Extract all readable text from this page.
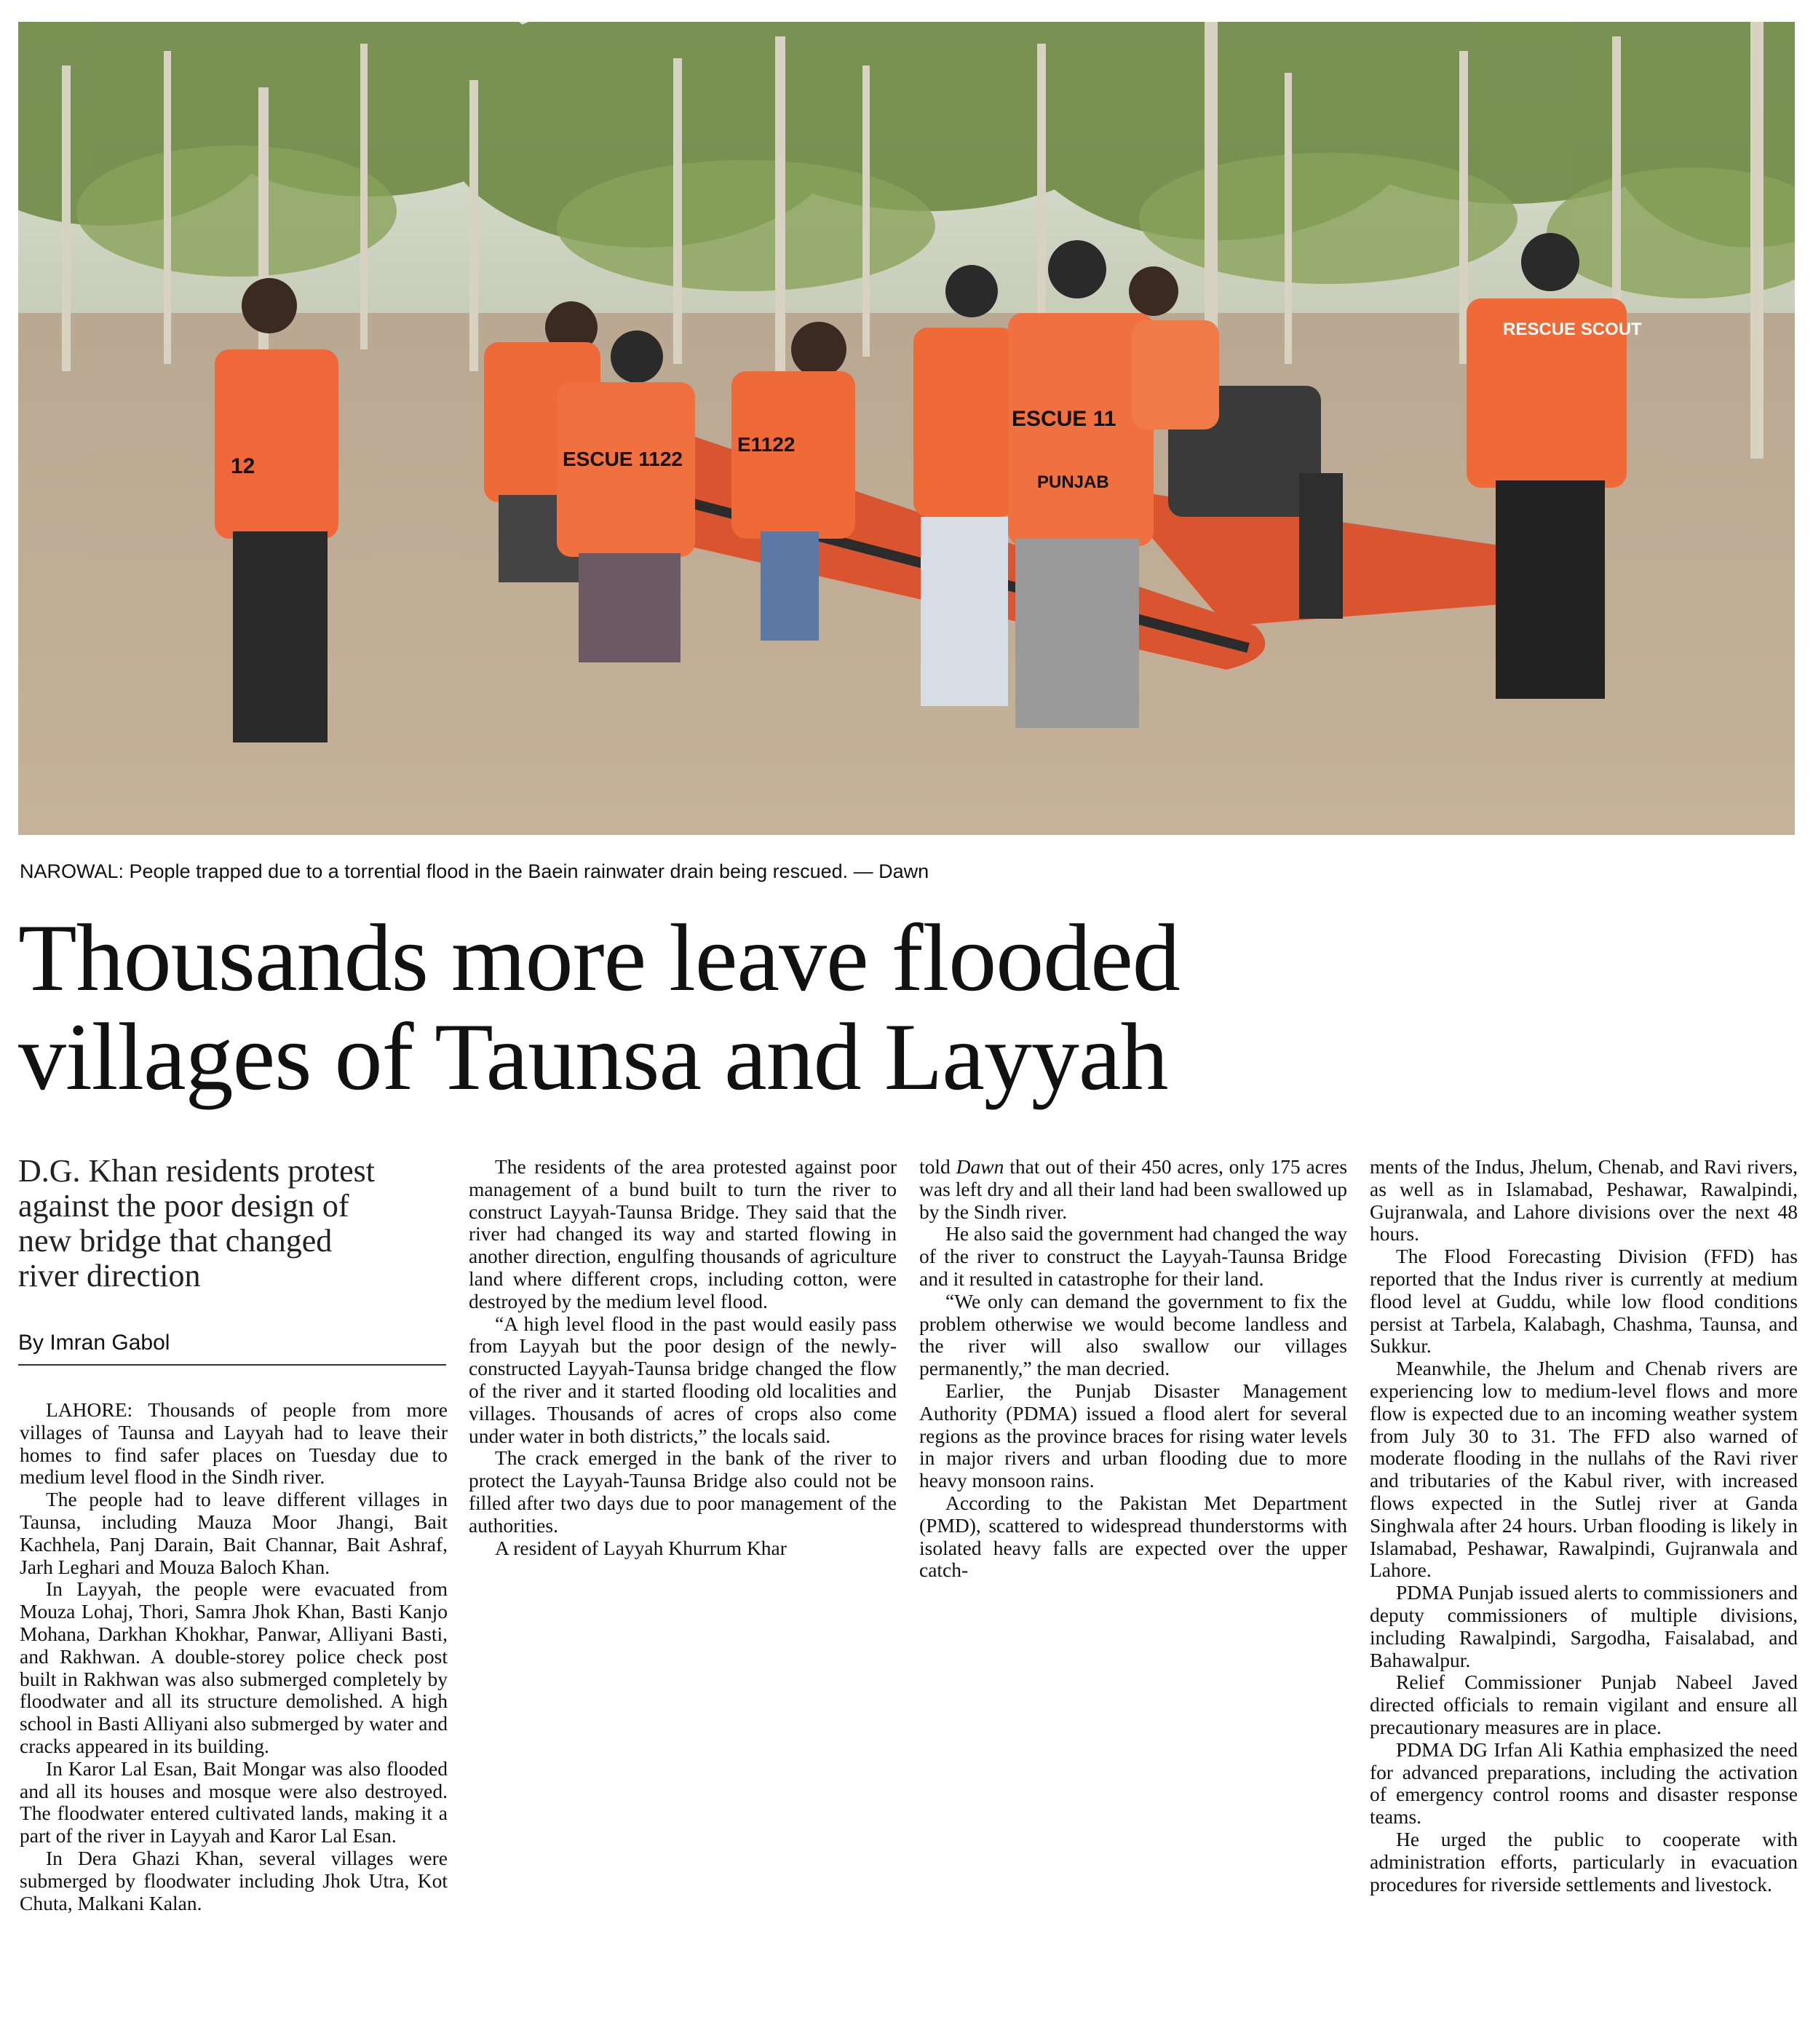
12	ESCUE 1122
E1122
ESCUE 11
PUNJAB
RESCUE SCOUT
NAROWAL: People trapped due to a torrential flood in the Baein rainwater drain being rescued. — Dawn
Thousands more leave flooded
villages of Taunsa and Layyah
D.G. Khan residents protest
against the poor design of
new bridge that changed
river direction
By Imran Gabol

LAHORE: Thousands of people from more villages of Taunsa and Layyah had to leave their homes to find safer places on Tuesday due to medium level flood in the Sindh river.

The people had to leave different villages in Taunsa, including Mauza Moor Jhangi, Bait Kachhela, Panj Darain, Bait Channar, Bait Ashraf, Jarh Leghari and Mouza Baloch Khan.

In Layyah, the people were evacuated from Mouza Lohaj, Thori, Samra Jhok Khan, Basti Kanjo Mohana, Darkhan Khokhar, Panwar, Alliyani Basti, and Rakhwan. A double-storey police check post built in Rakhwan was also submerged completely by floodwater and all its structure demolished. A high school in Basti Alliyani also submerged by water and cracks appeared in its building.

In Karor Lal Esan, Bait Mongar was also flooded and all its houses and mosque were also destroyed. The floodwater entered cultivated lands, making it a part of the river in Layyah and Karor Lal Esan.

In Dera Ghazi Khan, several villages were submerged by floodwater including Jhok Utra, Kot Chuta, Malkani Kalan.

The residents of the area protested against poor management of a bund built to turn the river to construct Layyah-Taunsa Bridge. They said that the river had changed its way and started flowing in another direction, engulfing thousands of agriculture land where different crops, including cotton, were destroyed by the medium level flood.

“A high level flood in the past would easily pass from Layyah but the poor design of the newly-constructed Layyah-Taunsa bridge changed the flow of the river and it started flooding old localities and villages. Thousands of acres of crops also come under water in both districts,” the locals said.

The crack emerged in the bank of the river to protect the Layyah-Taunsa Bridge also could not be filled after two days due to poor management of the authorities.

A resident of Layyah Khurrum Khar

told Dawn that out of their 450 acres, only 175 acres was left dry and all their land had been swallowed up by the Sindh river.

He also said the government had changed the way of the river to construct the Layyah-Taunsa Bridge and it resulted in catastrophe for their land.

“We only can demand the government to fix the problem otherwise we would become landless and the river will also swallow our villages permanently,” the man decried.

Earlier, the Punjab Disaster Management Authority (PDMA) issued a flood alert for several regions as the province braces for rising water levels in major rivers and urban flooding due to more heavy monsoon rains.

According to the Pakistan Met Department (PMD), scattered to widespread thunderstorms with isolated heavy falls are expected over the upper catch-

ments of the Indus, Jhelum, Chenab, and Ravi rivers, as well as in Islamabad, Peshawar, Rawalpindi, Gujranwala, and Lahore divisions over the next 48 hours.

The Flood Forecasting Division (FFD) has reported that the Indus river is currently at medium flood level at Guddu, while low flood conditions persist at Tarbela, Kalabagh, Chashma, Taunsa, and Sukkur.

Meanwhile, the Jhelum and Chenab rivers are experiencing low to medium-level flows and more flow is expected due to an incoming weather system from July 30 to 31. The FFD also warned of moderate flooding in the nullahs of the Ravi river and tributaries of the Kabul river, with increased flows expected in the Sutlej river at Ganda Singhwala after 24 hours. Urban flooding is likely in Islamabad, Peshawar, Rawalpindi, Gujranwala and Lahore.

PDMA Punjab issued alerts to commissioners and deputy commissioners of multiple divisions, including Rawalpindi, Sargodha, Faisalabad, and Bahawalpur.

Relief Commissioner Punjab Nabeel Javed directed officials to remain vigilant and ensure all precautionary measures are in place.

PDMA DG Irfan Ali Kathia emphasized the need for advanced preparations, including the activation of emergency control rooms and disaster response teams.

He urged the public to cooperate with administration efforts, particularly in evacuation procedures for riverside settlements and livestock.
